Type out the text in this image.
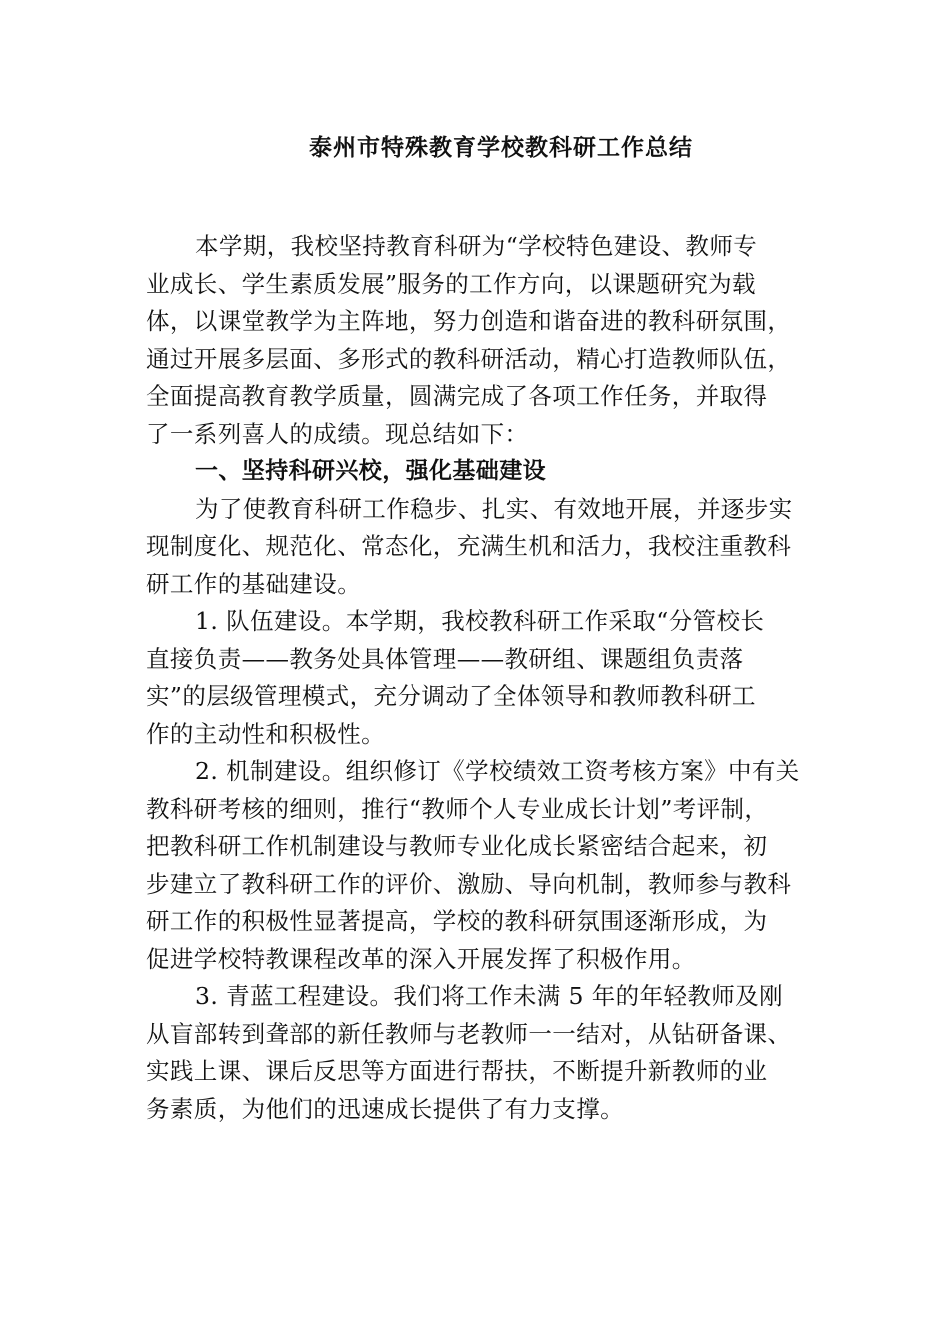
泰州市特殊教育学校教科研工作总结
本学期，我校坚持教育科研为“学校特色建设、教师专
业成长、学生素质发展”服务的工作方向，以课题研究为载
体，以课堂教学为主阵地，努力创造和谐奋进的教科研氛围，
通过开展多层面、多形式的教科研活动，精心打造教师队伍，
全面提高教育教学质量，圆满完成了各项工作任务，并取得
了一系列喜人的成绩。现总结如下：
一、坚持科研兴校，强化基础建设
为了使教育科研工作稳步、扎实、有效地开展，并逐步实
现制度化、规范化、常态化，充满生机和活力，我校注重教科
研工作的基础建设。
1. 队伍建设。本学期，我校教科研工作采取“分管校长
直接负责——教务处具体管理——教研组、课题组负责落
实”的层级管理模式，充分调动了全体领导和教师教科研工
作的主动性和积极性。
2. 机制建设。组织修订《学校绩效工资考核方案》中有关
教科研考核的细则，推行“教师个人专业成长计划”考评制，
把教科研工作机制建设与教师专业化成长紧密结合起来，初
步建立了教科研工作的评价、激励、导向机制，教师参与教科
研工作的积极性显著提高，学校的教科研氛围逐渐形成，为
促进学校特教课程改革的深入开展发挥了积极作用。
3. 青蓝工程建设。我们将工作未满 5 年的年轻教师及刚
从盲部转到聋部的新任教师与老教师一一结对，从钻研备课、
实践上课、课后反思等方面进行帮扶，不断提升新教师的业
务素质，为他们的迅速成长提供了有力支撑。
